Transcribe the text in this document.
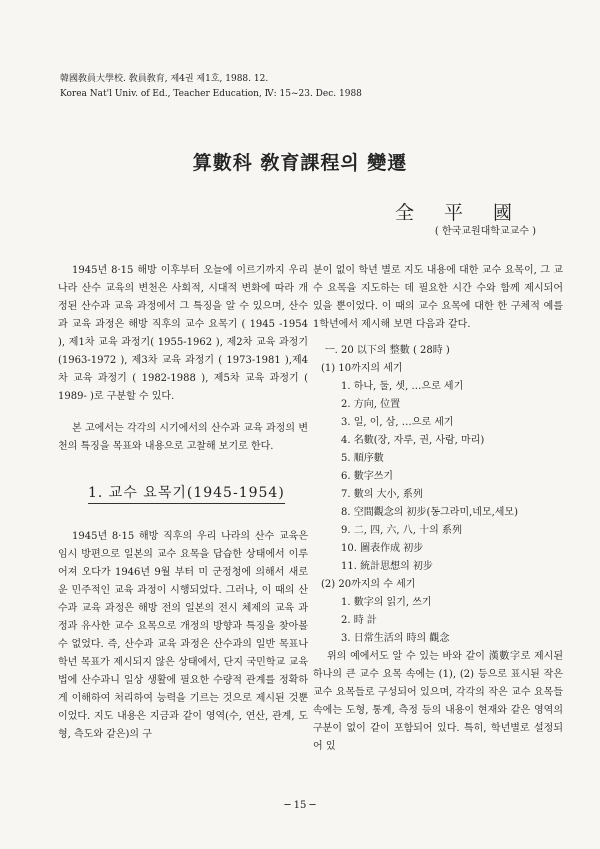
韓國敎員大學校. 敎員敎育, 제4권 제1호, 1988. 12.
Korea Nat'l Univ. of Ed., Teacher Education, Ⅳ: 15~23. Dec. 1988
算數科 敎育課程의 變遷
全平國
( 한국교원대학교교수 )

1945년 8·15 해방 이후부터 오늘에 이르기까지 우리 나라 산수 교육의 변천은 사회적, 시대적 변화에 따라 개정된 산수과 교육 과정에서 그 특징을 알 수 있으며, 산수과 교육 과정은 해방 직후의 교수 요목기 ( 1945 -1954 ), 제1차 교육 과정기( 1955-1962 ), 제2차 교육 과정기(1963-1972 ), 제3차 교육 과정기 ( 1973-1981 ),제4차 교육 과정기 ( 1982-1988 ), 제5차 교육 과정기 ( 1989- )로 구분할 수 있다.

본 고에서는 각각의 시기에서의 산수과 교육 과정의 변천의 특징을 목표와 내용으로 고찰해 보기로 한다.

1. 교수 요목기(1945-1954)

1945년 8·15 해방 직후의 우리 나라의 산수 교육은 임시 방편으로 일본의 교수 요목을 답습한 상태에서 이루어져 오다가 1946년 9월 부터 미 군정청에 의해서 새로운 민주적인 교육 과정이 시행되었다. 그러나, 이 때의 산수과 교육 과정은 해방 전의 일본의 전시 체제의 교육 과정과 유사한 교수 요목으로 개정의 방향과 특징을 찾아볼 수 없었다. 즉, 산수과 교육 과정은 산수과의 일반 목표나 학년 목표가 제시되지 않은 상태에서, 단지 국민학교 교육법에 산수과니 일상 생활에 필요한 수량적 관계를 정확하게 이해하여 처리하여 능력을 기르는 것으로 제시된 것뿐이었다. 지도 내용은 지금과 같이 영역(수, 연산, 관계, 도형, 측도와 같은)의 구

분이 없이 학년 별로 지도 내용에 대한 교수 요목이, 그 교수 요목을 지도하는 데 필요한 시간 수와 함께 제시되어 있을 뿐이었다. 이 때의 교수 요목에 대한 한 구체적 예를 1학년에서 제시해 보면 다음과 같다.

ㅡ. 20 以下의 整數 ( 28時 )
(1) 10까지의 세기
1. 하나, 둘, 셋, …으로 세기
2. 方向, 位置
3. 일, 이, 삼, …으로 세기
4. 名數(장, 자루, 권, 사람, 마리)
5. 順序數
6. 數字쓰기
7. 數의 大小, 系列
8. 空間觀念의 初步(동그라미,네모,세모)
9. 二, 四, 六, 八, 十의 系列
10. 圖表作成 初步
11. 統計思想의 初步
(2) 20까지의 수 세기
1. 數字의 읽기, 쓰기
2. 時 計
3. 日常生活의 時의 觀念

위의 예에서도 알 수 있는 바와 같이 漢數字로 제시된 하나의 큰 교수 요목 속에는 (1), (2) 등으로 표시된 작은 교수 요목들로 구성되어 있으며, 각각의 작은 교수 요목들 속에는 도형, 통계, 측정 등의 내용이 현재와 같은 영역의 구분이 없이 같이 포함되어 있다. 특히, 학년별로 설정되어 있

─ 15 ─
